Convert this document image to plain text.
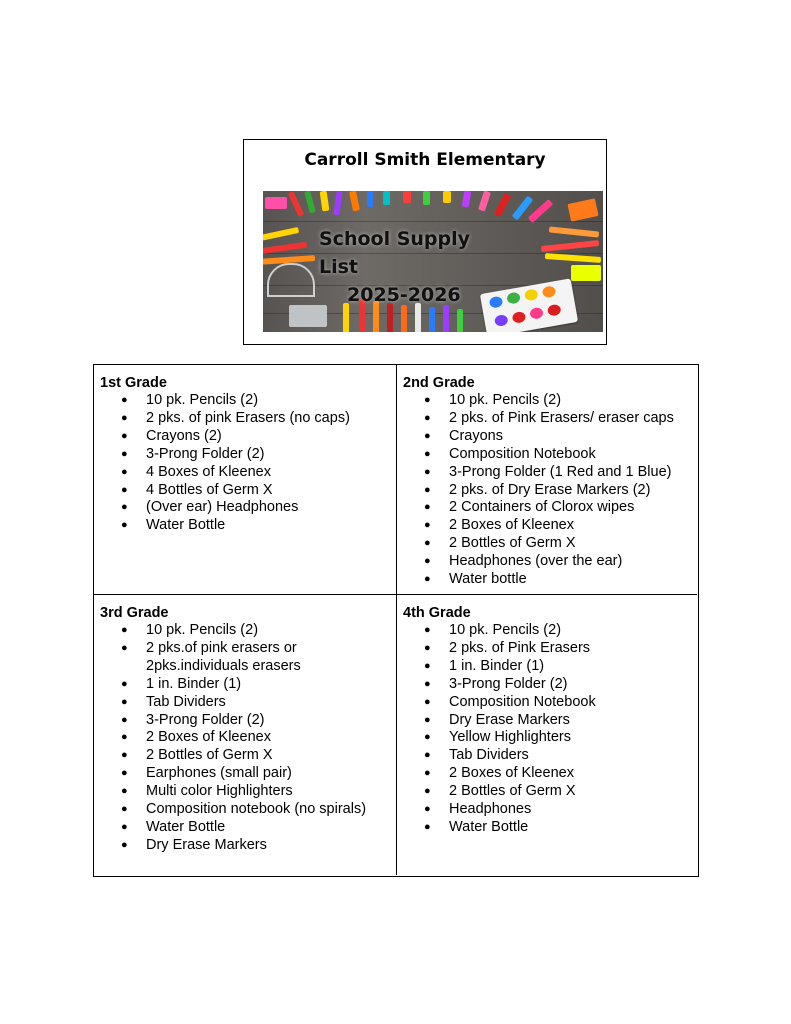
Carroll Smith Elementary
School Supply List
2025-2026
1st Grade
● 10 pk. Pencils (2)
● 2 pks. of pink Erasers (no caps)
● Crayons (2)
● 3-Prong Folder (2)
● 4 Boxes of Kleenex
● 4 Bottles of Germ X
● (Over ear) Headphones
● Water Bottle
2nd Grade
● 10 pk. Pencils (2)
● 2 pks. of Pink Erasers/ eraser caps
● Crayons
● Composition Notebook
● 3-Prong Folder (1 Red and 1 Blue)
● 2 pks. of Dry Erase Markers (2)
● 2 Containers of Clorox wipes
● 2 Boxes of Kleenex
● 2 Bottles of Germ X
● Headphones (over the ear)
● Water bottle
3rd Grade
● 10 pk. Pencils (2)
● 2 pks.of pink erasers or
2pks.individuals erasers
● 1 in. Binder (1)
● Tab Dividers
● 3-Prong Folder (2)
● 2 Boxes of Kleenex
● 2 Bottles of Germ X
● Earphones (small pair)
● Multi color Highlighters
● Composition notebook (no spirals)
● Water Bottle
● Dry Erase Markers
4th Grade
● 10 pk. Pencils (2)
● 2 pks. of Pink Erasers
● 1 in. Binder (1)
● 3-Prong Folder (2)
● Composition Notebook
● Dry Erase Markers
● Yellow Highlighters
● Tab Dividers
● 2 Boxes of Kleenex
● 2 Bottles of Germ X
● Headphones
● Water Bottle
